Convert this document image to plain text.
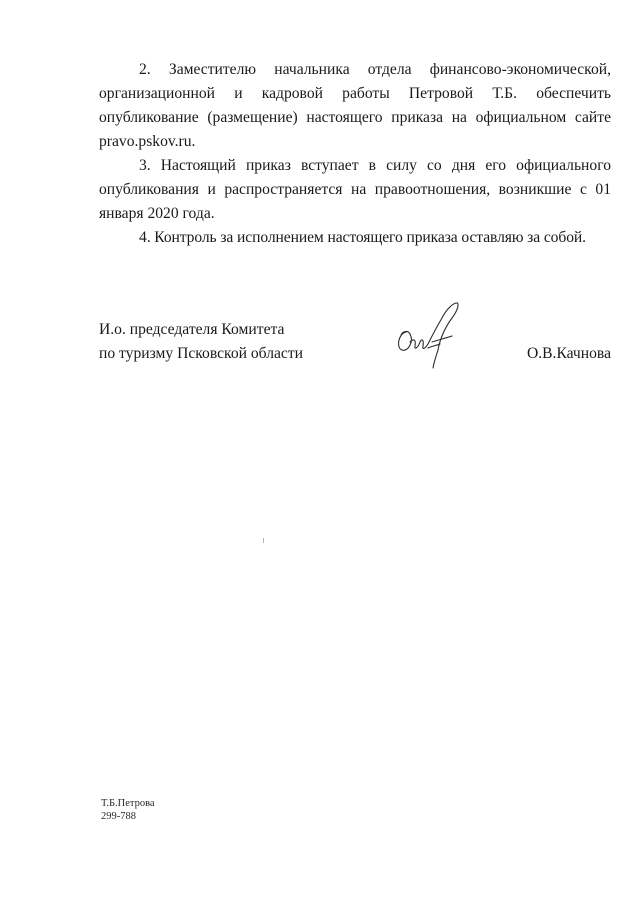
2. Заместителю начальника отдела финансово-экономической, организационной и кадровой работы Петровой Т.Б. обеспечить опубликование (размещение) настоящего приказа на официальном сайте pravo.pskov.ru.

3. Настоящий приказ вступает в силу со дня его официального опубликования и распространяется на правоотношения, возникшие с 01 января 2020 года.

4. Контроль за исполнением настоящего приказа оставляю за собой.

И.о. председателя Комитета
по туризму Псковской области	О.В.Качнова
Т.Б.Петрова
299-788
